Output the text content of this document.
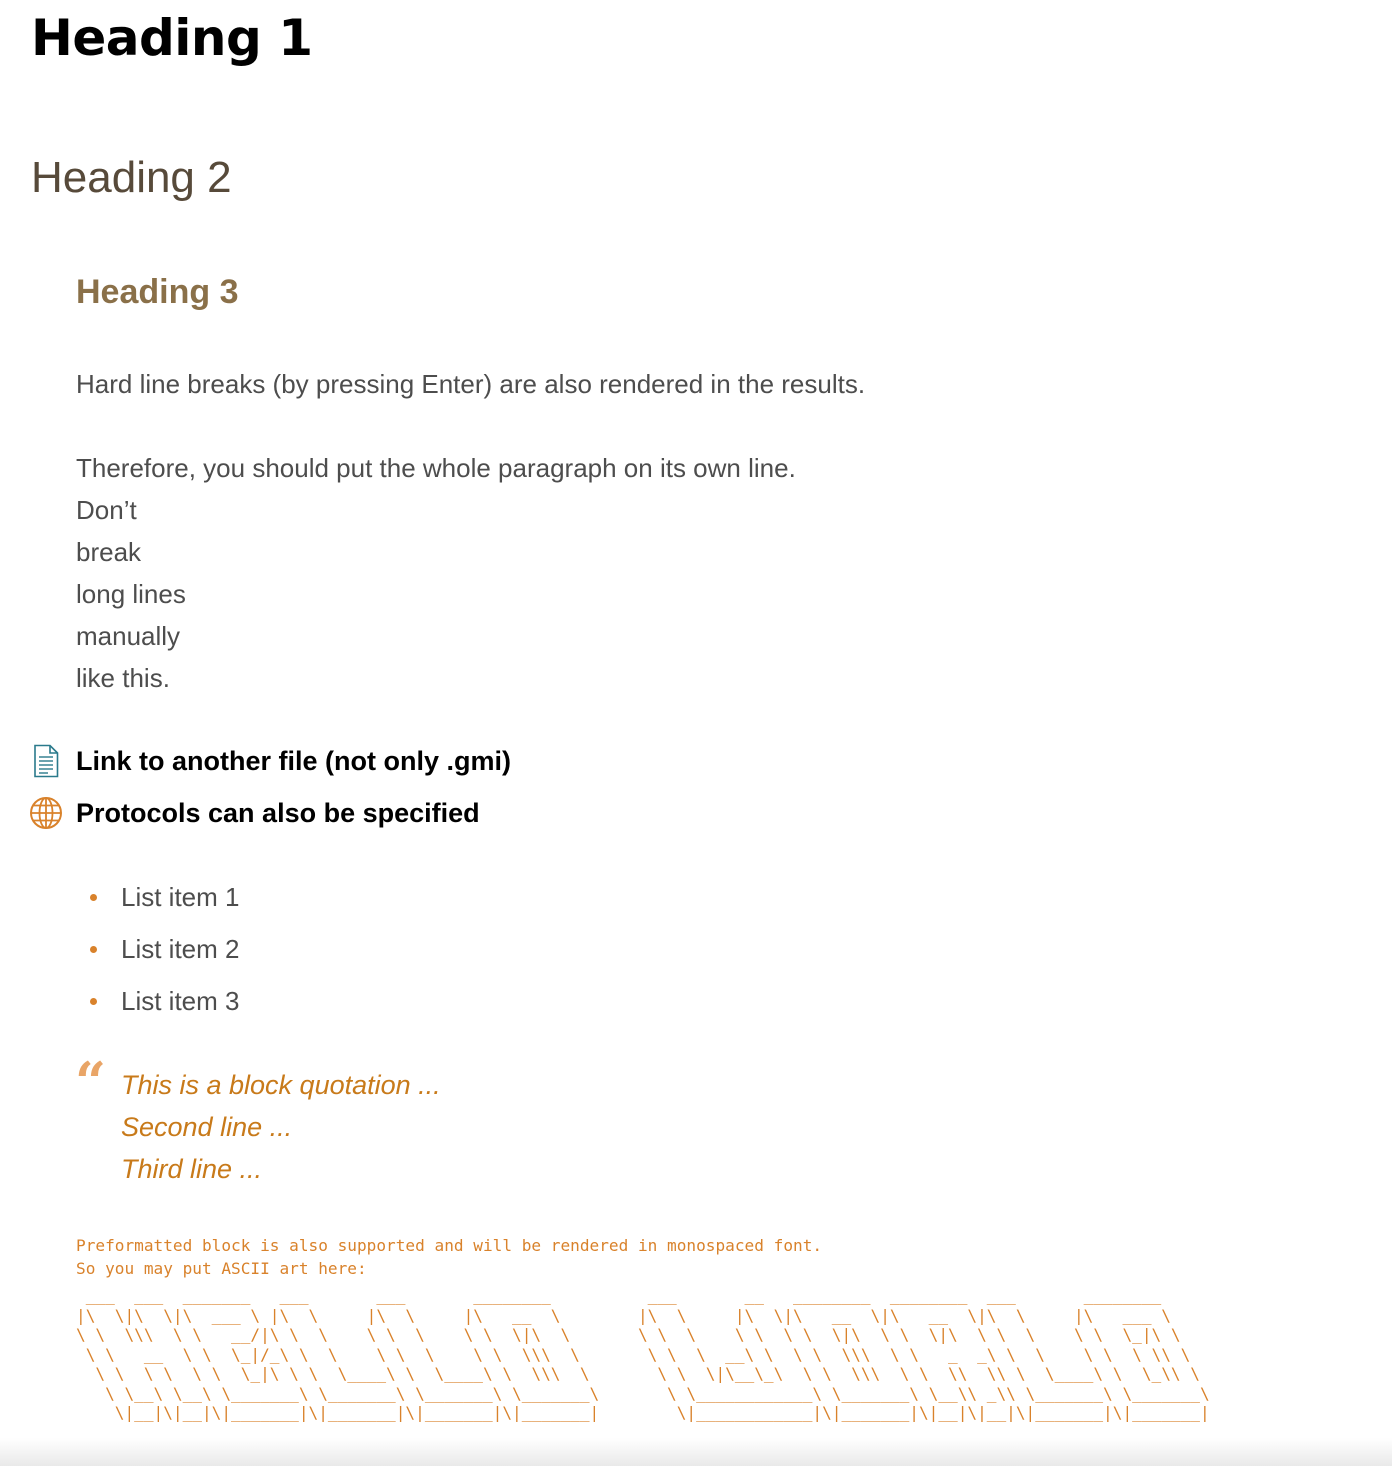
Heading 1
Heading 2
Heading 3

Hard line breaks (by pressing Enter) are also rendered in the results.

Therefore, you should put the whole paragraph on its own line.
Don’t
break
long lines
manually
like this.

Link to another file (not only .gmi)
Protocols can also be specified
List item 1
List item 2
List item 3
“ This is a block quotation ...
Second line ...
Third line ...
Preformatted block is also supported and will be rendered in monospaced font.
So you may put ASCII art here:
___  ___  _______   ___       ___       ________          ___       __   ________  ________  ___       ________
|\  \|\  \|\  ___ \ |\  \     |\  \     |\   __  \        |\  \     |\  \|\   __  \|\   __  \|\  \     |\   ___ \
\ \  \\\  \ \   __/|\ \  \    \ \  \    \ \  \|\  \       \ \  \    \ \  \ \  \|\  \ \  \|\  \ \  \    \ \  \_|\ \
\ \   __  \ \  \_|/_\ \  \    \ \  \    \ \  \\\  \       \ \  \  __\ \  \ \  \\\  \ \   _  _\ \  \    \ \  \ \\ \
\ \  \ \  \ \  \_|\ \ \  \____\ \  \____\ \  \\\  \       \ \  \|\__\_\  \ \  \\\  \ \  \\  \\ \  \____\ \  \_\\ \
\ \__\ \__\ \_______\ \_______\ \_______\ \_______\       \ \____________\ \_______\ \__\\ _\\ \_______\ \_______\
\|__|\|__|\|_______|\|_______|\|_______|\|_______|        \|____________|\|_______|\|__|\|__|\|_______|\|_______|
